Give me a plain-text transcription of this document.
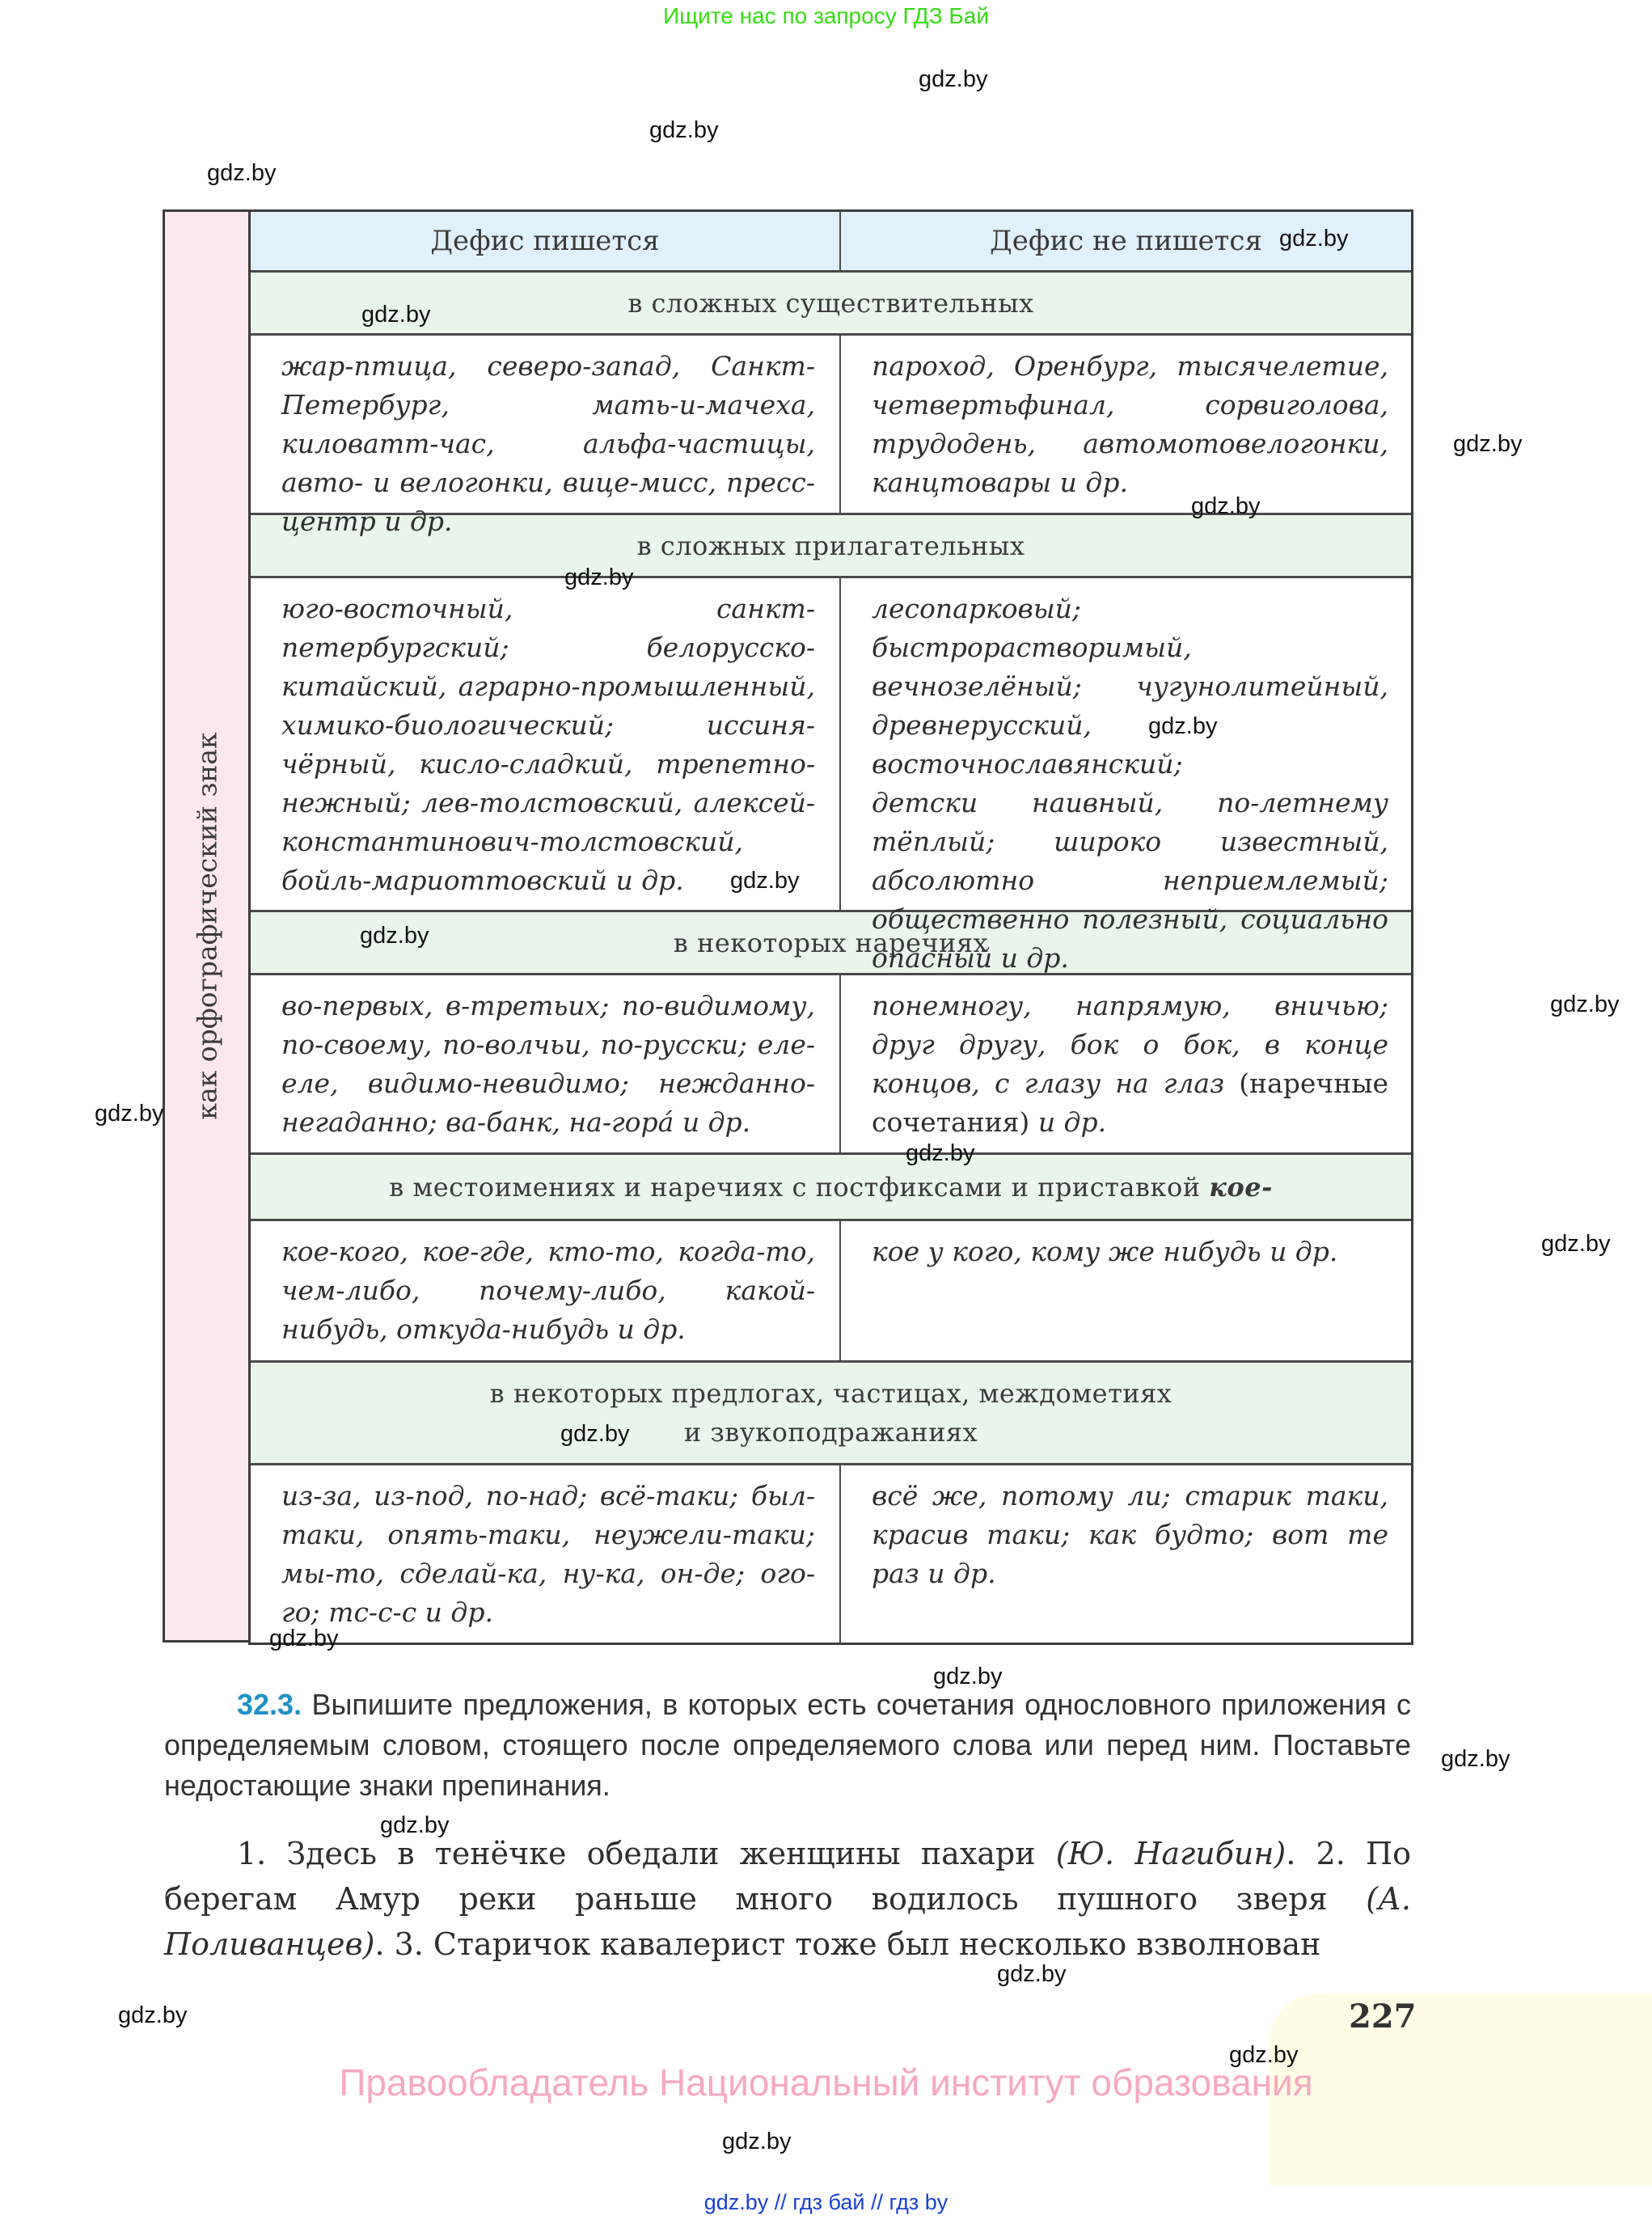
Ищите нас по запросу ГДЗ Бай
как орфографический знак
Дефис пишется	Дефис не пишется
в сложных существительных
жар-птица, северо-запад, Санкт-Петербург, мать-и-мачеха, киловатт-час, альфа-частицы, авто- и велогонки, вице-мисс, пресс-центр и др.
пароход, Оренбург, тысячелетие, четвертьфинал, сорвиголова, трудодень, автомотовелогонки, канцтовары и др.
в сложных прилагательных
юго-восточный, санкт-петербургский; белорусско-китайский, аграрно-промышленный, химико-биологический; иссиня-чёрный, кисло-сладкий, трепетно-нежный; лев-толстовский, алексей-константинович-толстовский, бойль-мариоттовский и др.
лесопарковый; быстрорастворимый, вечнозелёный; чугунолитейный, древнерусский, восточнославянский;
детски наивный, по-летнему тёплый; широко известный, абсолютно неприемлемый; общественно полезный, социально опасный и др.
в некоторых наречиях
во-первых, в-третьих; по-видимому, по-своему, по-волчьи, по-русски; еле-еле, видимо-невидимо; нежданно-негаданно; ва-банк, на-гора́ и др.
понемногу, напрямую, вничью; друг другу, бок о бок, в конце концов, с глазу на глаз (наречные сочетания) и др.
в местоимениях и наречиях с постфиксами и приставкой
кое-
кое-кого, кое-где, кто-то, когда-то, чем-либо, почему-либо, какой-нибудь, откуда-нибудь и др.
кое у кого, кому же нибудь и др.
в некоторых предлогах, частицах, междометиях
и звукоподражаниях
из-за, из-под, по-над; всё-таки; был-таки, опять-таки, неужели-таки; мы-то, сделай-ка, ну-ка, он-де; ого-го; тс-с-с и др.
всё же, потому ли; старик таки, красив таки; как будто; вот те раз и др.
32.3. Выпишите предложения, в которых есть сочетания однословного приложения с определяемым словом, стоящего после определяемого слова или перед ним. Поставьте недостающие знаки препинания.
1. Здесь в тенёчке обедали женщины пахари (Ю. Нагибин). 2. По берегам Амур реки раньше много водилось пушного зверя (А. Поливанцев). 3. Старичок кавалерист тоже был несколько взволнован
227
Правообладатель Национальный институт образования
gdz.by // гдз бай // гдз by
gdz.by
gdz.by
gdz.by
gdz.by
gdz.by
gdz.by
gdz.by
gdz.by
gdz.by
gdz.by
gdz.by
gdz.by
gdz.by
gdz.by
gdz.by
gdz.by
gdz.by
gdz.by
gdz.by
gdz.by
gdz.by
gdz.by
gdz.by
gdz.by
